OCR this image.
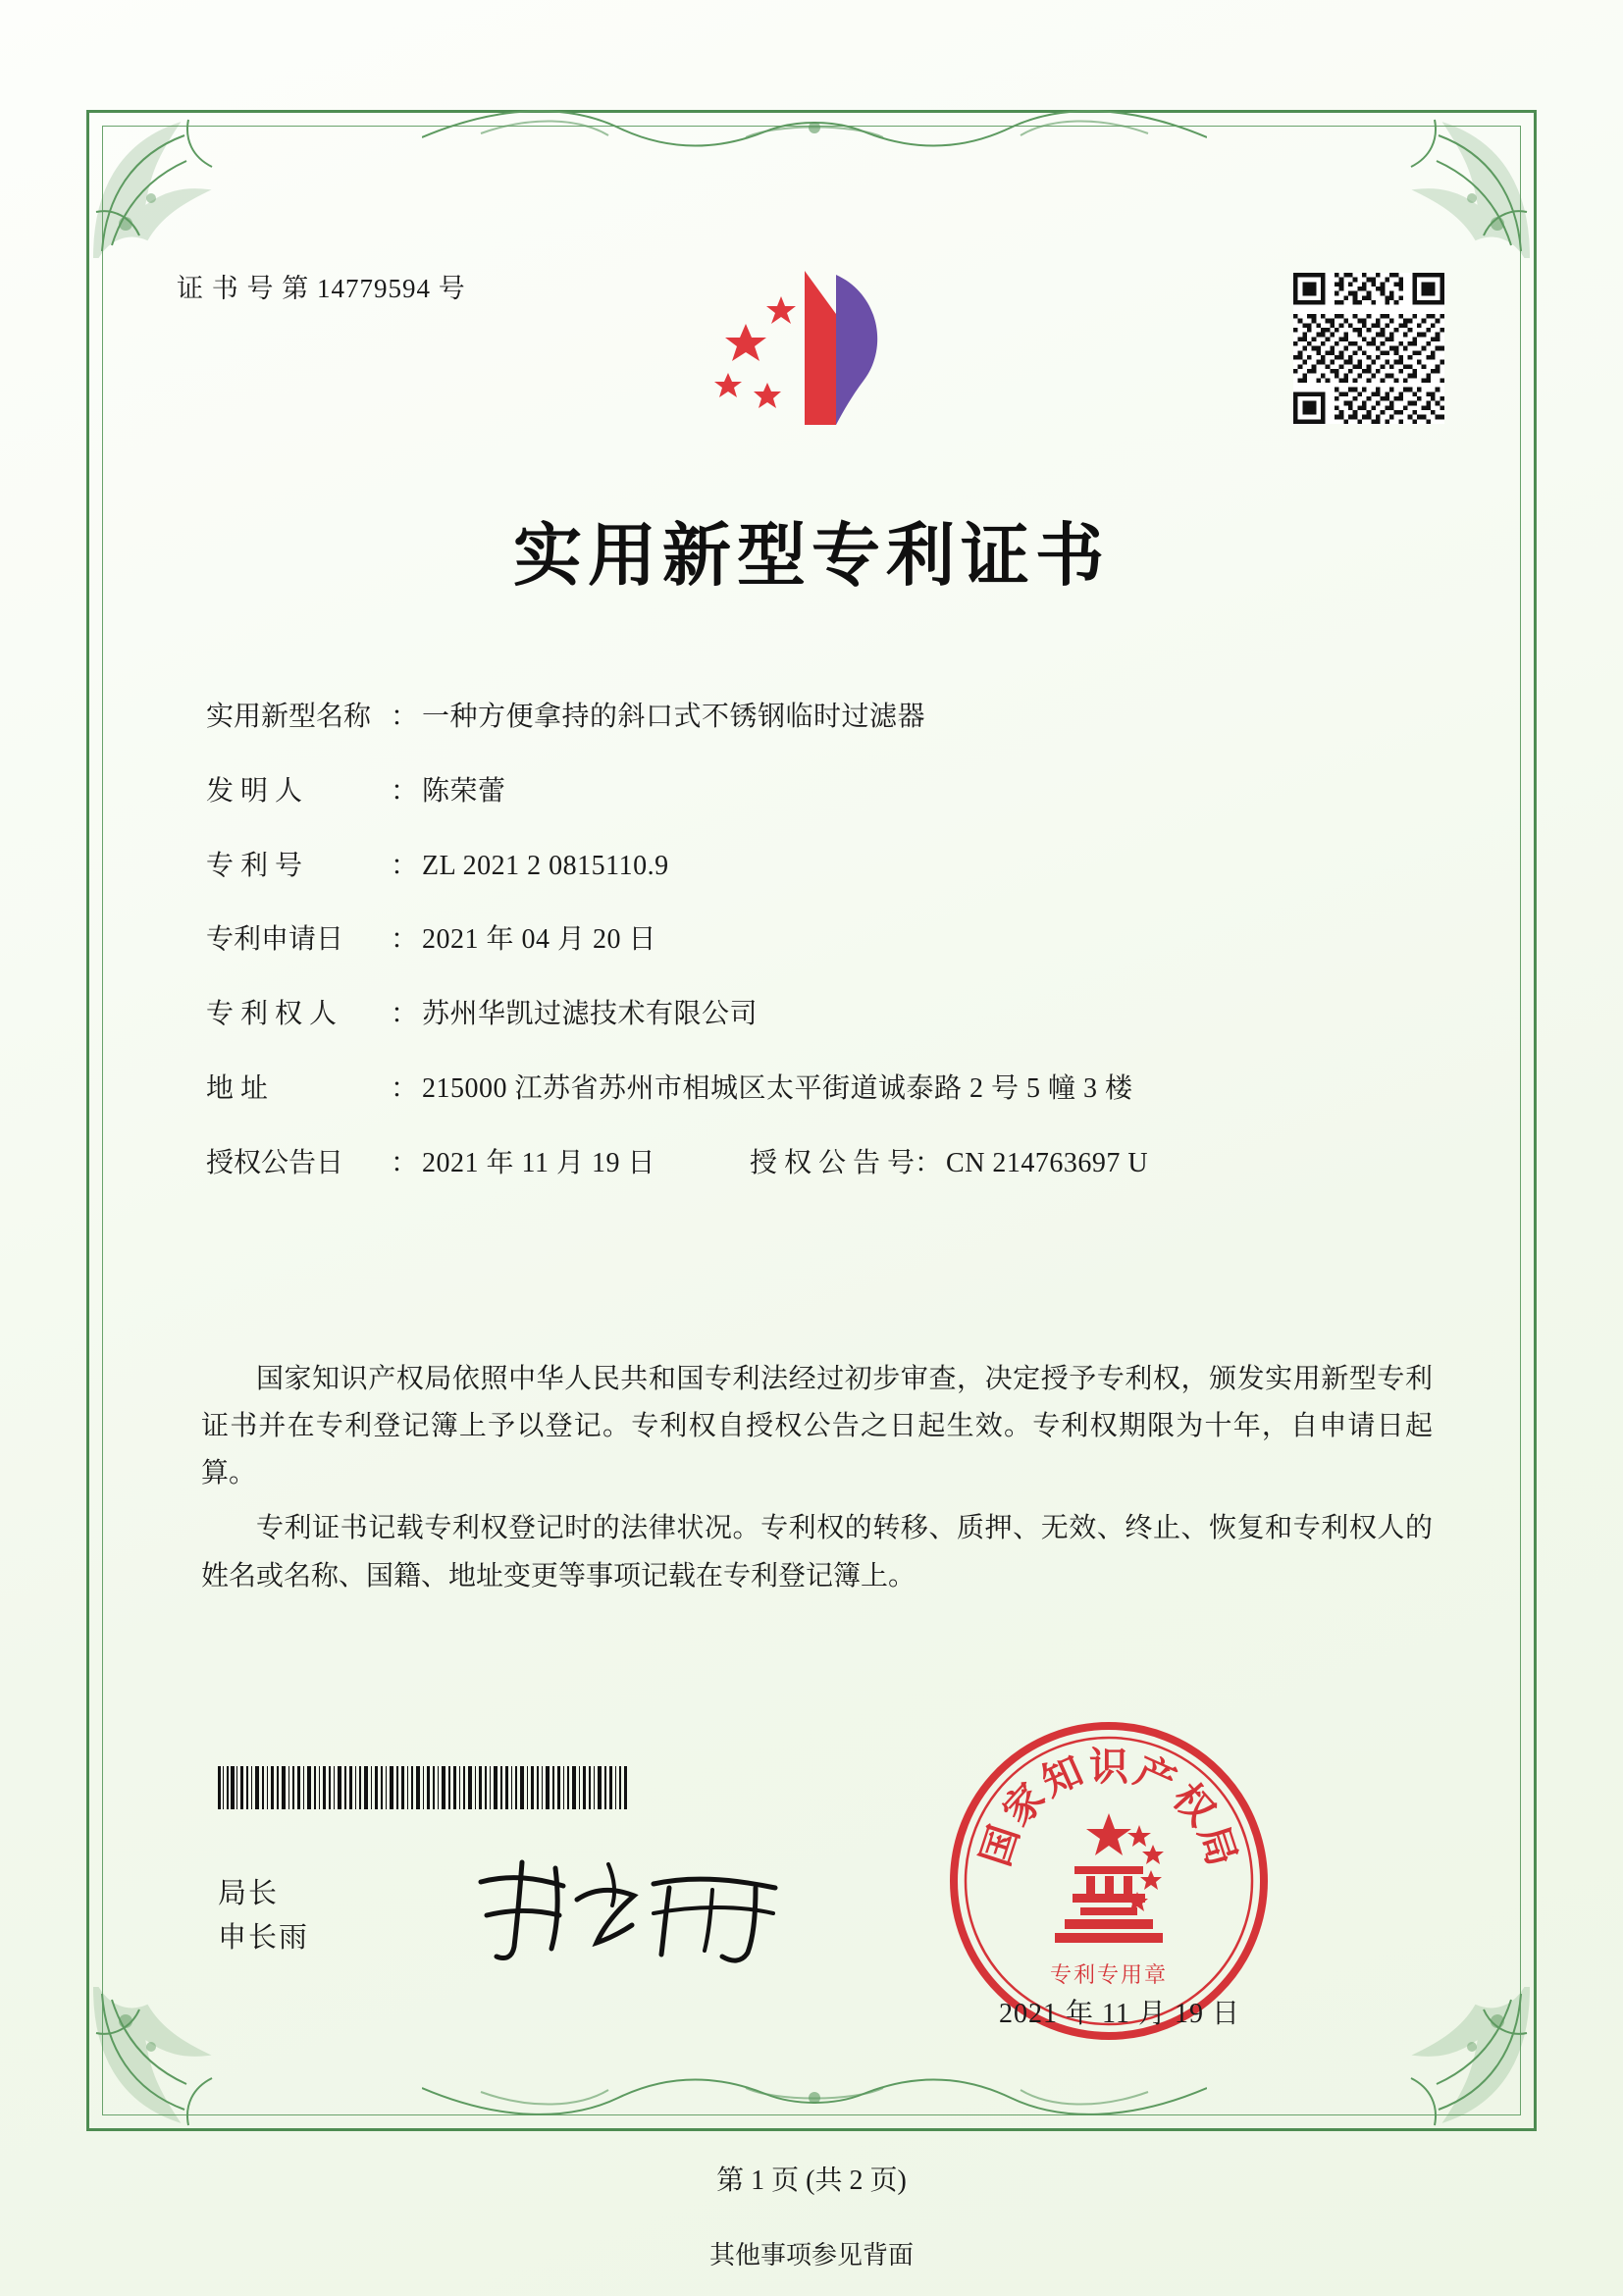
证 书 号 第 14779594 号
实用新型专利证书
实用新型名称 ： 一种方便拿持的斜口式不锈钢临时过滤器
发 明 人	： 陈荣蕾
专 利 号	： ZL 2021 2 0815110.9
专利申请日	： 2021 年 04 月 20 日
专 利 权 人	： 苏州华凯过滤技术有限公司
地 址	： 215000 江苏省苏州市相城区太平街道诚泰路 2 号 5 幢 3 楼
授权公告日	： 2021 年 11 月 19 日	授 权 公 告 号 ： CN 214763697 U

国家知识产权局依照中华人民共和国专利法经过初步审查，决定授予专利权，颁发实用新型专利证书并在专利登记簿上予以登记。专利权自授权公告之日起生效。专利权期限为十年，自申请日起算。

专利证书记载专利权登记时的法律状况。专利权的转移、质押、无效、终止、恢复和专利权人的姓名或名称、国籍、地址变更等事项记载在专利登记簿上。

局长
申长雨
国
家
知 识 产
权
局
专利专用章
2021 年 11 月 19 日
第 1 页 (共 2 页)
其他事项参见背面
